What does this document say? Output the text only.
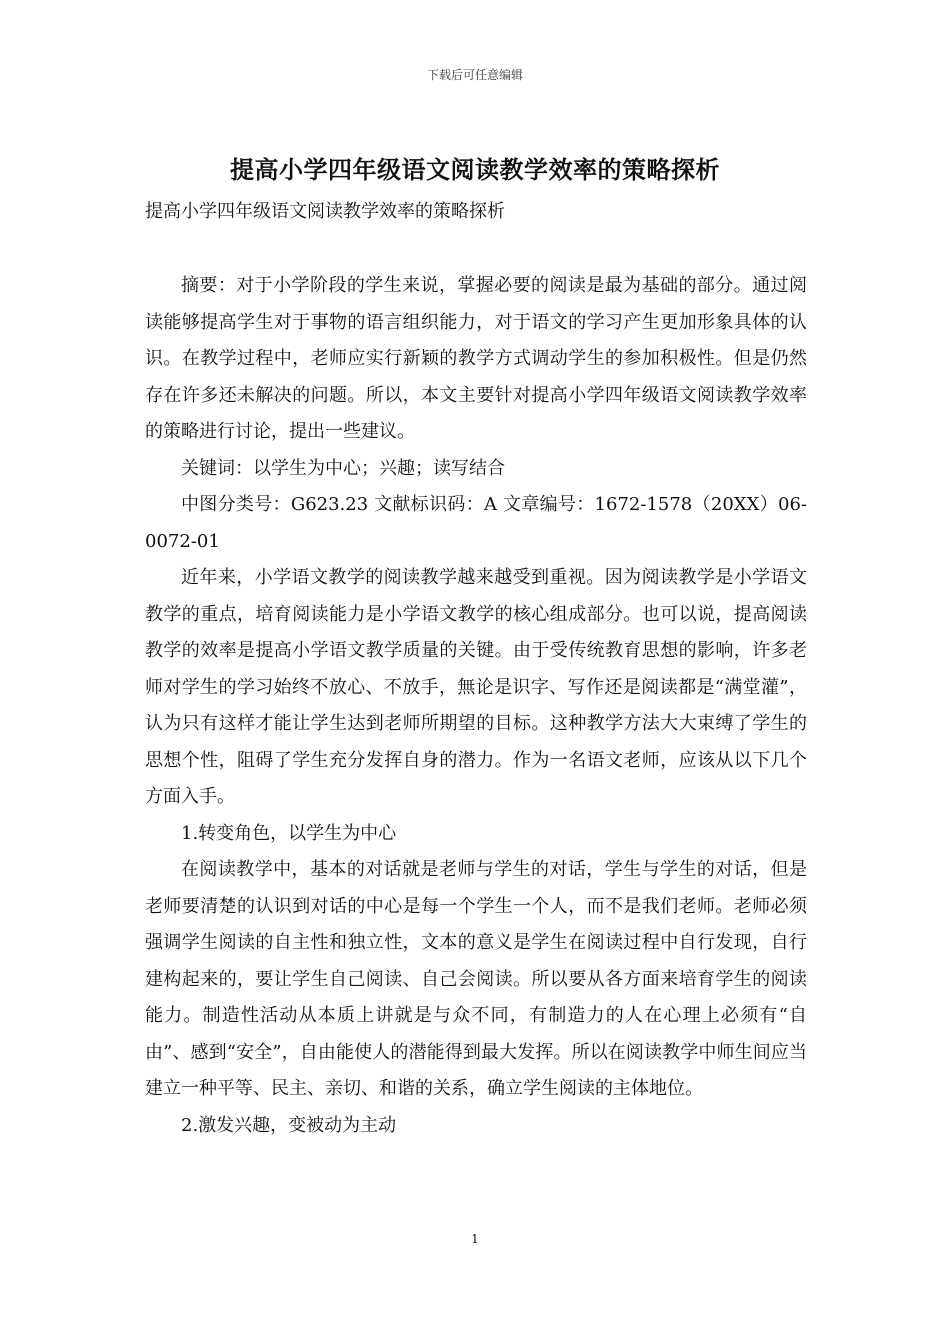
下载后可任意编辑
提高小学四年级语文阅读教学效率的策略探析
提高小学四年级语文阅读教学效率的策略探析

摘要：对于小学阶段的学生来说，掌握必要的阅读是最为基础的部分。通过阅读能够提高学生对于事物的语言组织能力，对于语文的学习产生更加形象具体的认识。在教学过程中，老师应实行新颖的教学方式调动学生的参加积极性。但是仍然存在许多还未解决的问题。所以，本文主要针对提高小学四年级语文阅读教学效率的策略进行讨论，提出一些建议。

关键词：以学生为中心；兴趣；读写结合

中图分类号：G623.23 文献标识码：A 文章编号：1672-1578（20XX）06-0072-01

近年来，小学语文教学的阅读教学越来越受到重视。因为阅读教学是小学语文教学的重点，培育阅读能力是小学语文教学的核心组成部分。也可以说，提高阅读教学的效率是提高小学语文教学质量的关键。由于受传统教育思想的影响，许多老师对学生的学习始终不放心、不放手，無论是识字、写作还是阅读都是“满堂灌”，认为只有这样才能让学生达到老师所期望的目标。这种教学方法大大束缚了学生的思想个性，阻碍了学生充分发挥自身的潜力。作为一名语文老师，应该从以下几个方面入手。

1.转变角色，以学生为中心

在阅读教学中，基本的对话就是老师与学生的对话，学生与学生的对话，但是老师要清楚的认识到对话的中心是每一个学生一个人，而不是我们老师。老师必须强调学生阅读的自主性和独立性，文本的意义是学生在阅读过程中自行发现，自行建构起来的，要让学生自己阅读、自己会阅读。所以要从各方面来培育学生的阅读能力。制造性活动从本质上讲就是与众不同，有制造力的人在心理上必须有“自由”、感到“安全”，自由能使人的潜能得到最大发挥。所以在阅读教学中师生间应当建立一种平等、民主、亲切、和谐的关系，确立学生阅读的主体地位。

2.激发兴趣，变被动为主动

1
